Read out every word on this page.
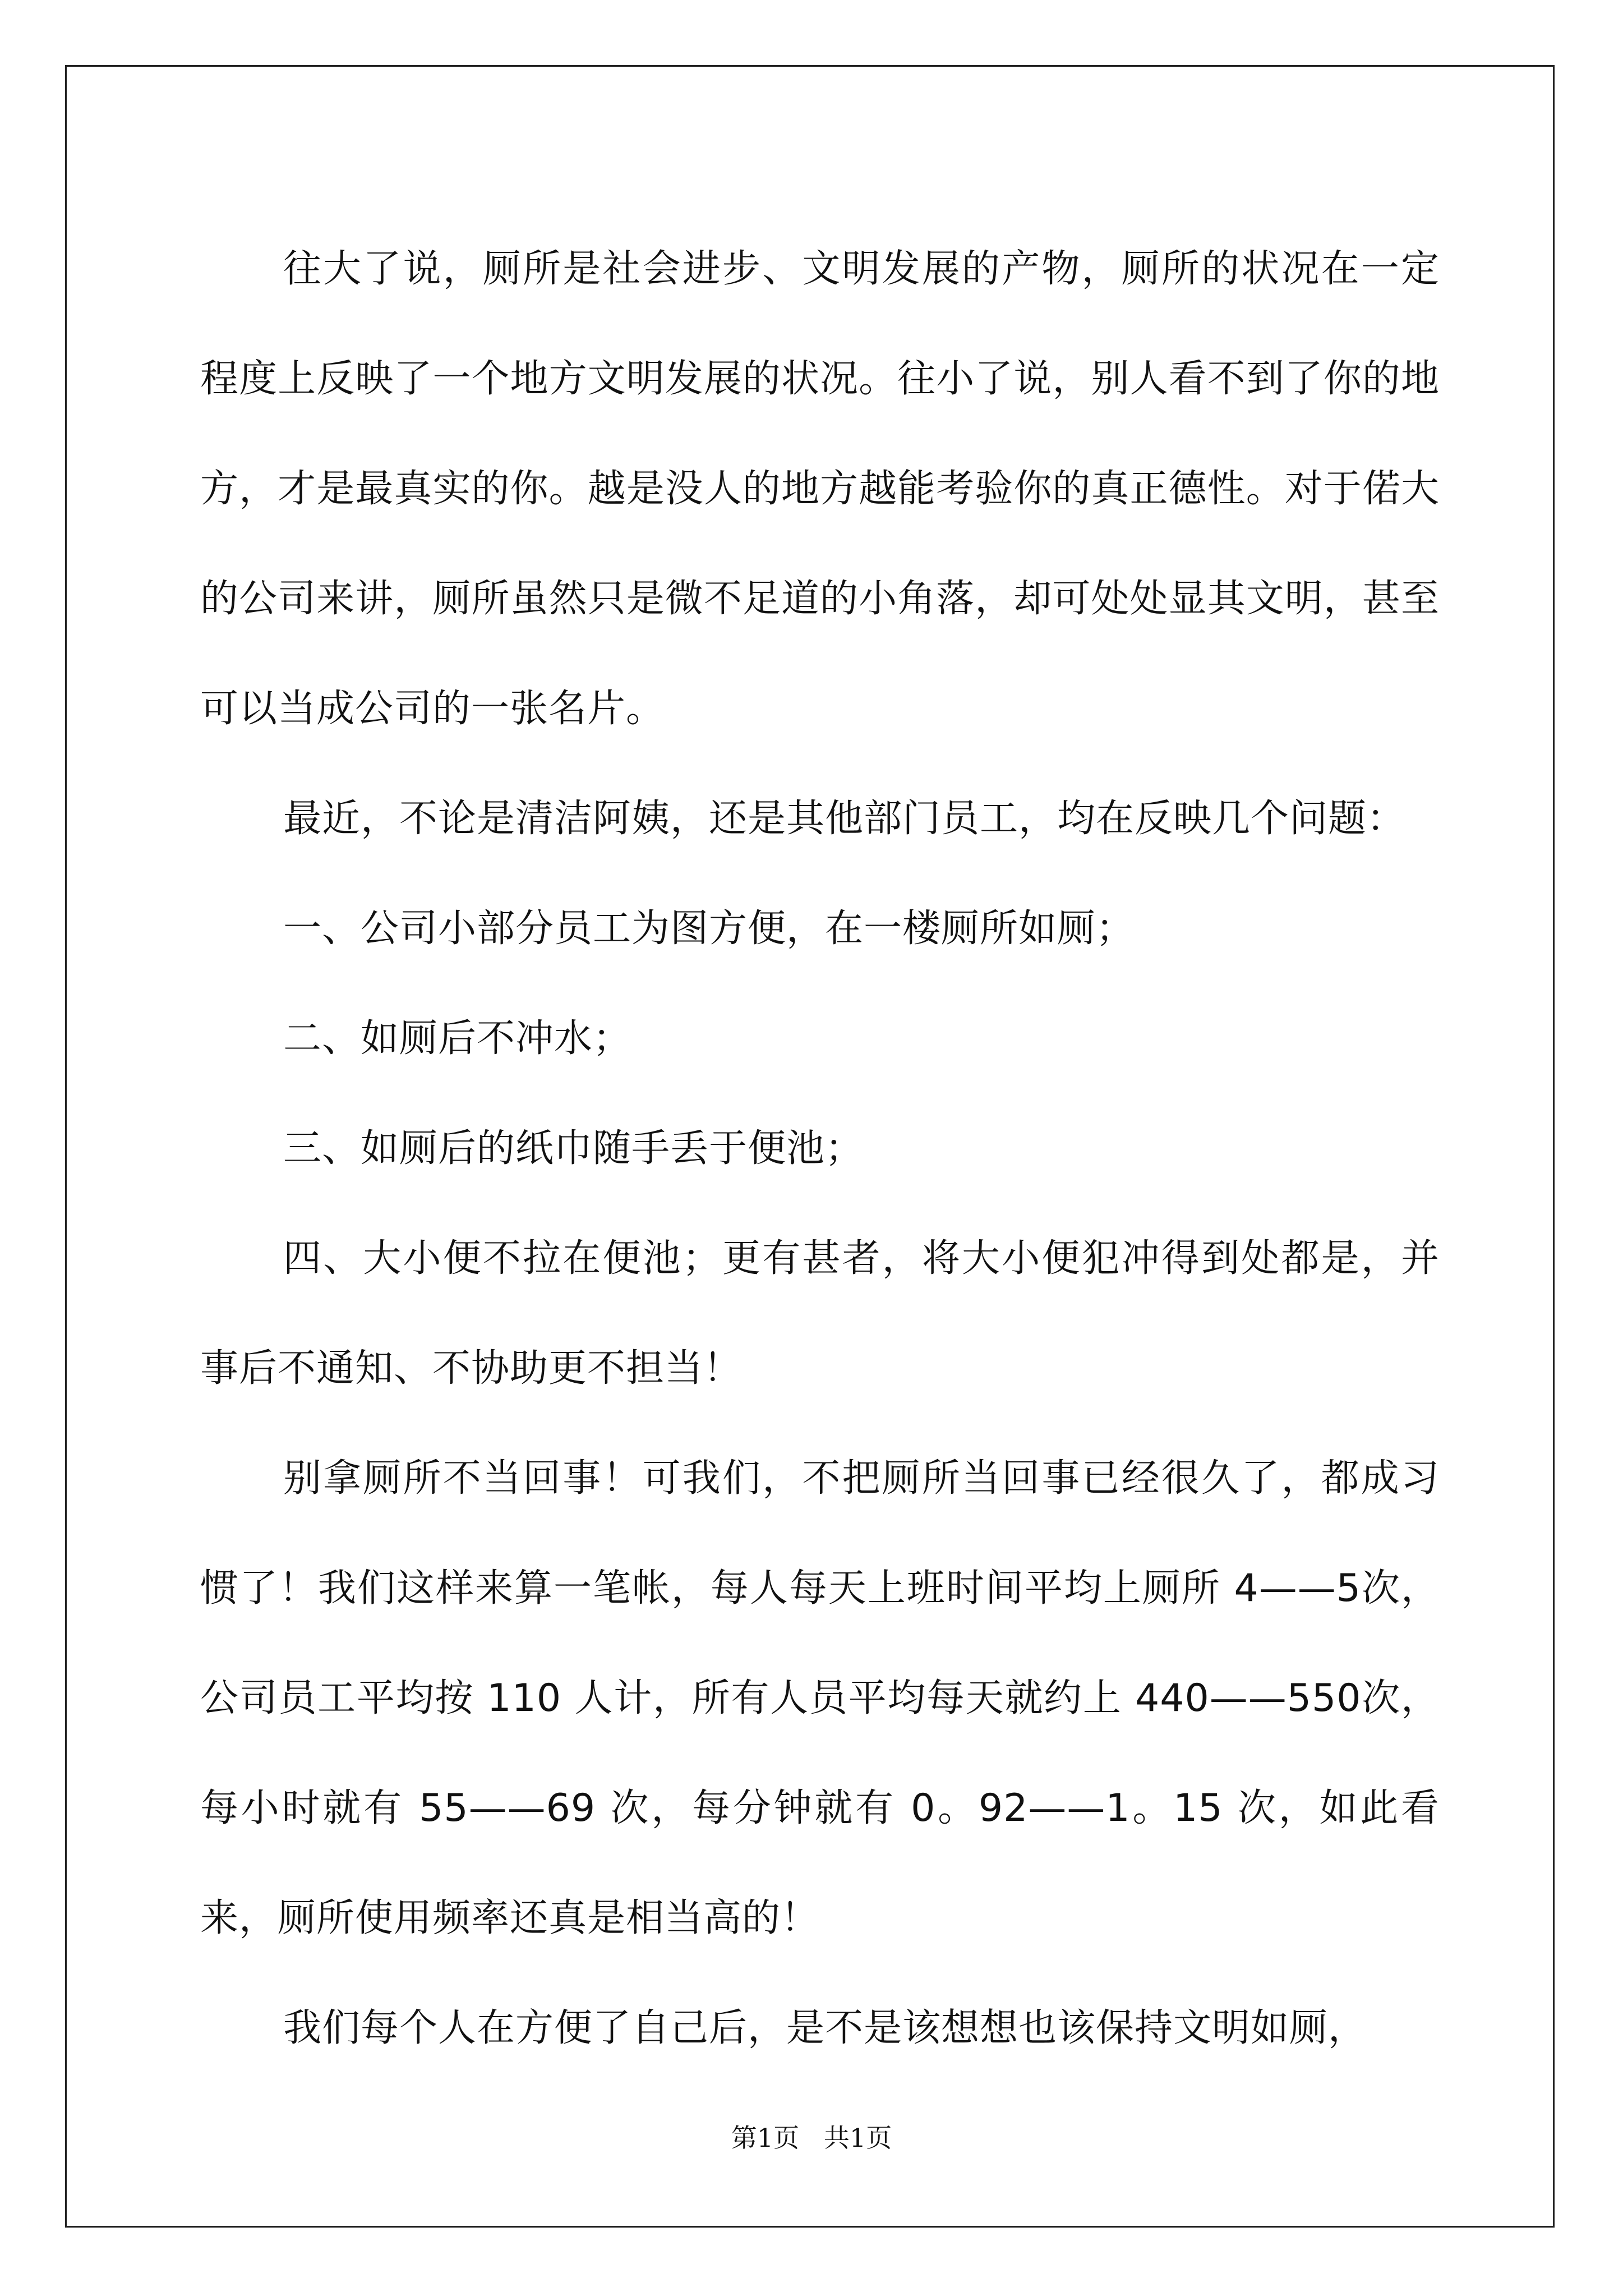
往大了说，厕所是社会进步、文明发展的产物，厕所的状况在一定程度上反映了一个地方文明发展的状况。往小了说，别人看不到了你的地方，才是最真实的你。越是没人的地方越能考验你的真正德性。对于偌大的公司来讲，厕所虽然只是微不足道的小角落，却可处处显其文明，甚至可以当成公司的一张名片。

最近，不论是清洁阿姨，还是其他部门员工，均在反映几个问题：

一、公司小部分员工为图方便，在一楼厕所如厕；

二、如厕后不冲水；

三、如厕后的纸巾随手丢于便池；

四、大小便不拉在便池；更有甚者，将大小便犯冲得到处都是，并事后不通知、不协助更不担当！

别拿厕所不当回事！可我们，不把厕所当回事已经很久了，都成习惯了！我们这样来算一笔帐，每人每天上班时间平均上厕所 4——5次，公司员工平均按 110 人计，所有人员平均每天就约上 440——550次，每小时就有 55——69 次，每分钟就有 0。92——1。15 次，如此看来，厕所使用频率还真是相当高的！

我们每个人在方便了自己后，是不是该想想也该保持文明如厕，

第1页   共1页
